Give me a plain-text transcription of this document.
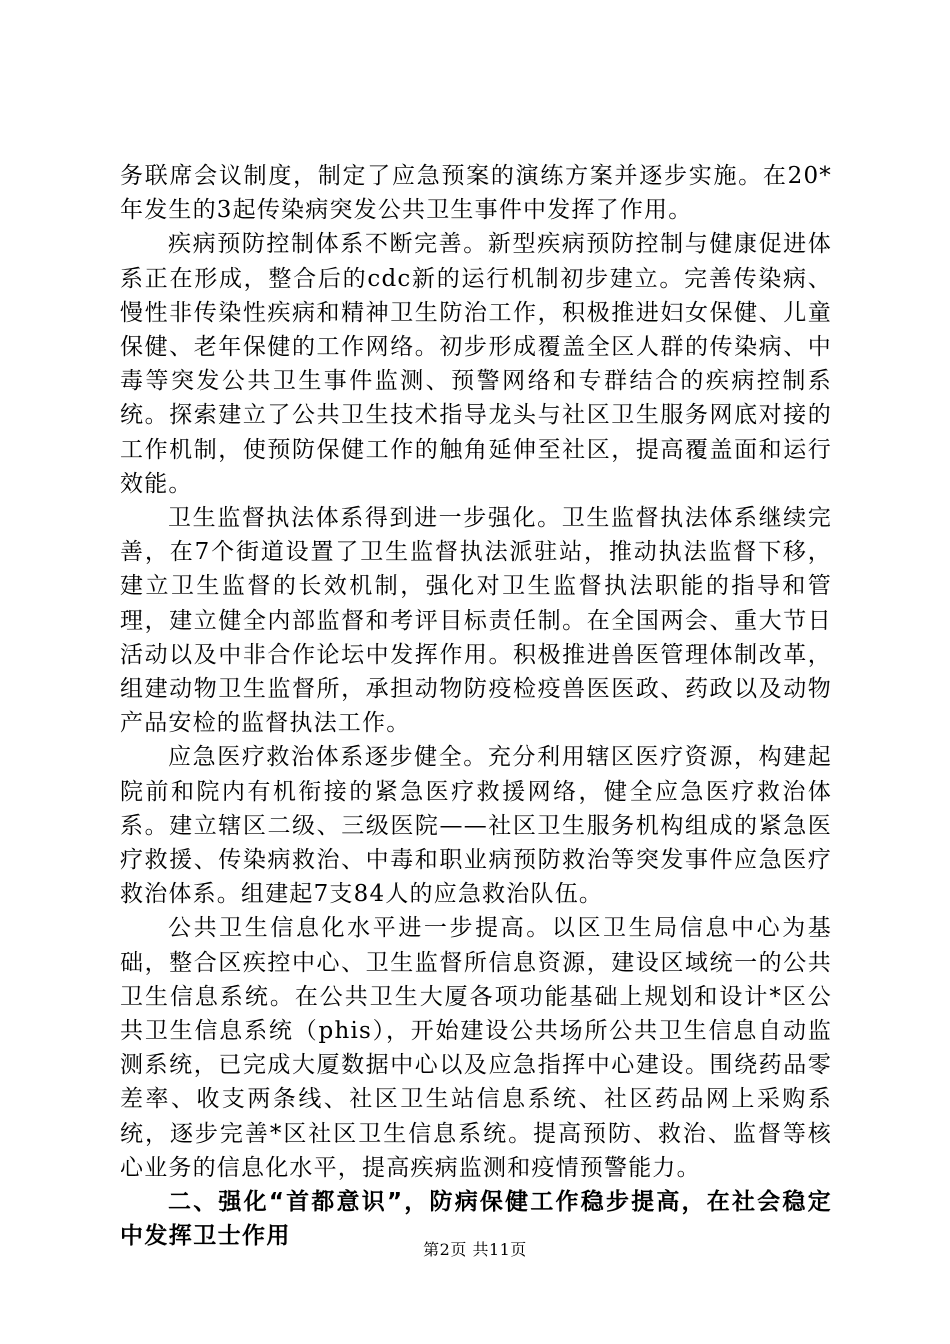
务联席会议制度，制定了应急预案的演练方案并逐步实施。在20*年发生的3起传染病突发公共卫生事件中发挥了作用。

疾病预防控制体系不断完善。新型疾病预防控制与健康促进体系正在形成，整合后的cdc新的运行机制初步建立。完善传染病、慢性非传染性疾病和精神卫生防治工作，积极推进妇女保健、儿童保健、老年保健的工作网络。初步形成覆盖全区人群的传染病、中毒等突发公共卫生事件监测、预警网络和专群结合的疾病控制系统。探索建立了公共卫生技术指导龙头与社区卫生服务网底对接的工作机制，使预防保健工作的触角延伸至社区，提高覆盖面和运行效能。

卫生监督执法体系得到进一步强化。卫生监督执法体系继续完善，在7个街道设置了卫生监督执法派驻站，推动执法监督下移，建立卫生监督的长效机制，强化对卫生监督执法职能的指导和管理，建立健全内部监督和考评目标责任制。在全国两会、重大节日活动以及中非合作论坛中发挥作用。积极推进兽医管理体制改革，组建动物卫生监督所，承担动物防疫检疫兽医医政、药政以及动物产品安检的监督执法工作。

应急医疗救治体系逐步健全。充分利用辖区医疗资源，构建起院前和院内有机衔接的紧急医疗救援网络，健全应急医疗救治体系。建立辖区二级、三级医院——社区卫生服务机构组成的紧急医疗救援、传染病救治、中毒和职业病预防救治等突发事件应急医疗救治体系。组建起7支84人的应急救治队伍。

公共卫生信息化水平进一步提高。以区卫生局信息中心为基础，整合区疾控中心、卫生监督所信息资源，建设区域统一的公共卫生信息系统。在公共卫生大厦各项功能基础上规划和设计*区公共卫生信息系统（phis），开始建设公共场所公共卫生信息自动监测系统，已完成大厦数据中心以及应急指挥中心建设。围绕药品零差率、收支两条线、社区卫生站信息系统、社区药品网上采购系统，逐步完善*区社区卫生信息系统。提高预防、救治、监督等核心业务的信息化水平，提高疾病监测和疫情预警能力。

二、强化“首都意识”，防病保健工作稳步提高，在社会稳定中发挥卫士作用

第2页 共11页
